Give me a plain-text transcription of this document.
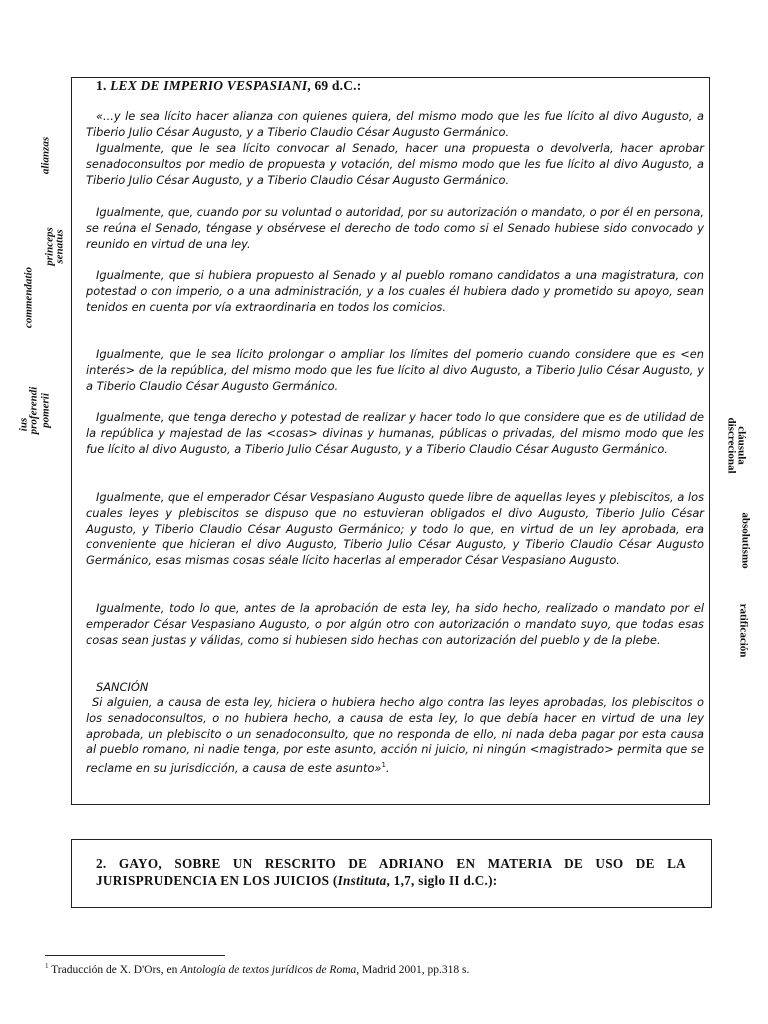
1. LEX DE IMPERIO VESPASIANI, 69 d.C.:

«...y le sea lícito hacer alianza con quienes quiera, del mismo modo que les fue lícito al divo Augusto, a Tiberio Julio César Augusto, y a Tiberio Claudio César Augusto Germánico.

Igualmente, que le sea lícito convocar al Senado, hacer una propuesta o devolverla, hacer aprobar senadoconsultos por medio de propuesta y votación, del mismo modo que les fue lícito al divo Augusto, a Tiberio Julio César Augusto, y a Tiberio Claudio César Augusto Germánico.

Igualmente, que, cuando por su voluntad o autoridad, por su autorización o mandato, o por él en persona, se reúna el Senado, téngase y obsérvese el derecho de todo como si el Senado hubiese sido convocado y reunido en virtud de una ley.

Igualmente, que si hubiera propuesto al Senado y al pueblo romano candidatos a una magistratura, con potestad o con imperio, o a una administración, y a los cuales él hubiera dado y prometido su apoyo, sean tenidos en cuenta por vía extraordinaria en todos los comicios.

Igualmente, que le sea lícito prolongar o ampliar los límites del pomerio cuando considere que es <en interés> de la república, del mismo modo que les fue lícito al divo Augusto, a Tiberio Julio César Augusto, y a Tiberio Claudio César Augusto Germánico.

Igualmente, que tenga derecho y potestad de realizar y hacer todo lo que considere que es de utilidad de la república y majestad de las <cosas> divinas y humanas, públicas o privadas, del mismo modo que les fue lícito al divo Augusto, a Tiberio Julio César Augusto, y a Tiberio Claudio César Augusto Germánico.

Igualmente, que el emperador César Vespasiano Augusto quede libre de aquellas leyes y plebiscitos, a los cuales leyes y plebiscitos se dispuso que no estuvieran obligados el divo Augusto, Tiberio Julio César Augusto, y Tiberio Claudio César Augusto Germánico; y todo lo que, en virtud de un ley aprobada, era conveniente que hicieran el divo Augusto, Tiberio Julio César Augusto, y Tiberio Claudio César Augusto Germánico, esas mismas cosas séale lícito hacerlas al emperador César Vespasiano Augusto.

Igualmente, todo lo que, antes de la aprobación de esta ley, ha sido hecho, realizado o mandato por el emperador César Vespasiano Augusto, o por algún otro con autorización o mandato suyo, que todas esas cosas sean justas y válidas, como si hubiesen sido hechas con autorización del pueblo y de la plebe.

SANCIÓN

Si alguien, a causa de esta ley, hiciera o hubiera hecho algo contra las leyes aprobadas, los plebiscitos o los senadoconsultos, o no hubiera hecho, a causa de esta ley, lo que debía hacer en virtud de una ley aprobada, un plebiscito o un senadoconsulto, que no responda de ello, ni nada deba pagar por esta causa al pueblo romano, ni nadie tenga, por este asunto, acción ni juicio, ni ningún <magistrado> permita que se reclame en su jurisdicción, a causa de este asunto»$^1$.

alianzas
princeps
senatus
commendatio
ius
proferendi pomerii
cláusula
discrecional
absolutismo
ratificación

2. GAYO, SOBRE UN RESCRITO DE ADRIANO EN MATERIA DE USO DE LA JURISPRUDENCIA EN LOS JUICIOS (Instituta, 1,7, siglo II d.C.):

$^1$ Traducción de X. D'Ors, en Antología de textos jurídicos de Roma, Madrid 2001, pp.318 s.
